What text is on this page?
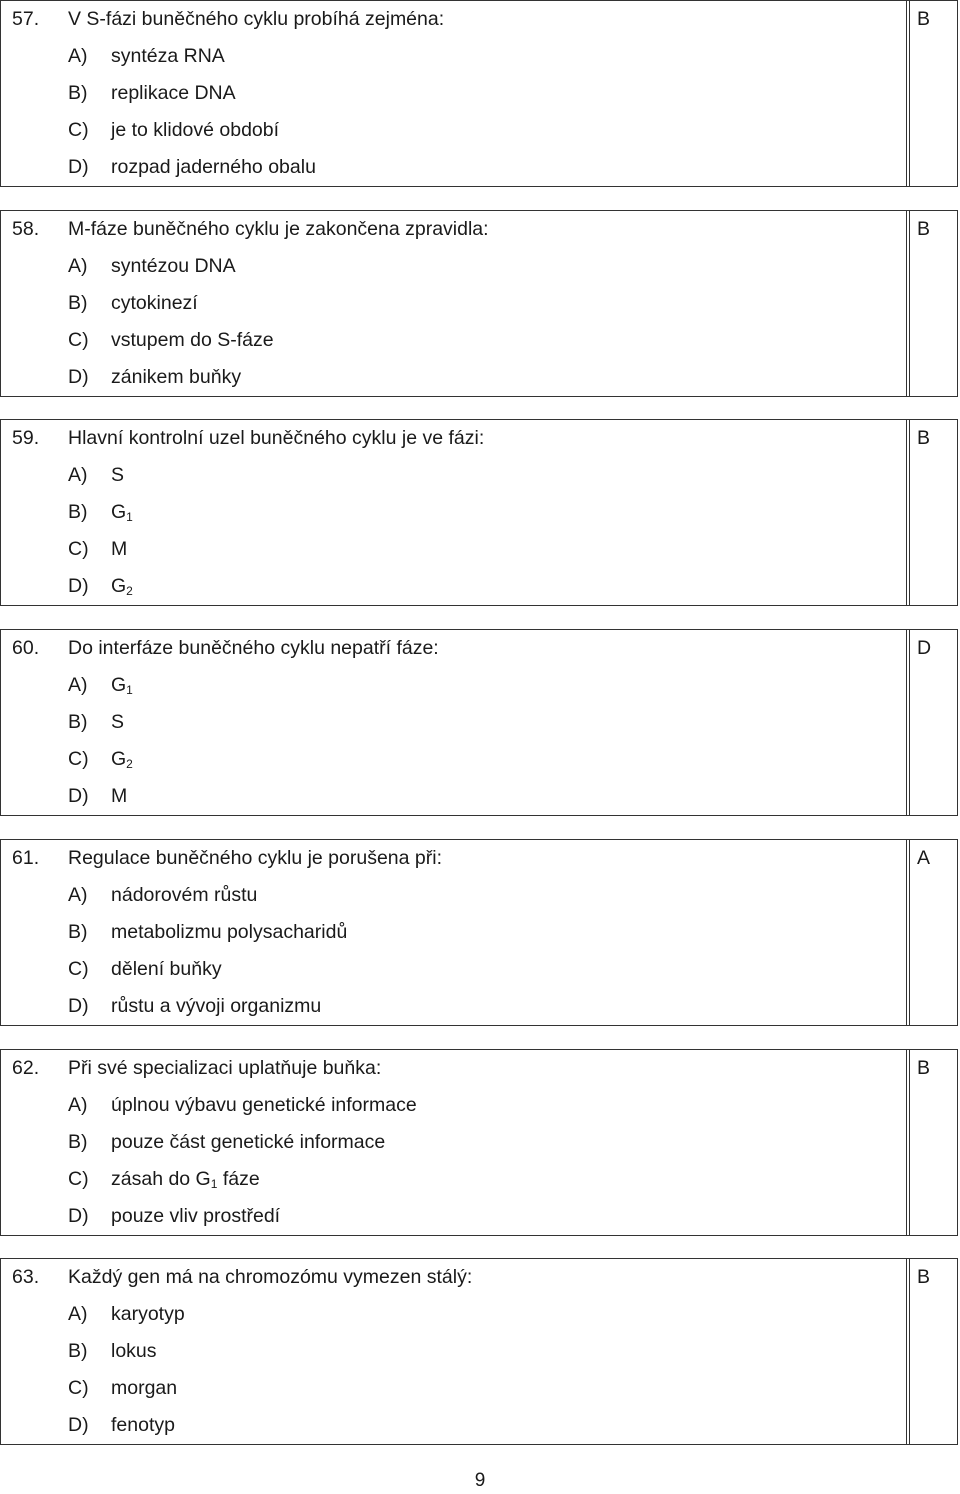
57. V S-fázi buněčného cyklu probíhá zejména:
A) syntéza RNA
B) replikace DNA
C) je to klidové období
D) rozpad jaderného obalu
B
58. M-fáze buněčného cyklu je zakončena zpravidla:
A) syntézou DNA
B) cytokinezí
C) vstupem do S-fáze
D) zánikem buňky
B
59. Hlavní kontrolní uzel buněčného cyklu je ve fázi:
A) S
B) $G_1$
C) M
D) $G_2$
B
60. Do interfáze buněčného cyklu nepatří fáze:
A) $G_1$
B) S
C) $G_2$
D) M
D
61. Regulace buněčného cyklu je porušena při:
A) nádorovém růstu
B) metabolizmu polysacharidů
C) dělení buňky
D) růstu a vývoji organizmu
A
62. Při své specializaci uplatňuje buňka:
A) úplnou výbavu genetické informace
B) pouze část genetické informace
C) zásah do $G_1$ fáze
D) pouze vliv prostředí
B
63. Každý gen má na chromozómu vymezen stálý:
A) karyotyp
B) lokus
C) morgan
D) fenotyp
B
9
